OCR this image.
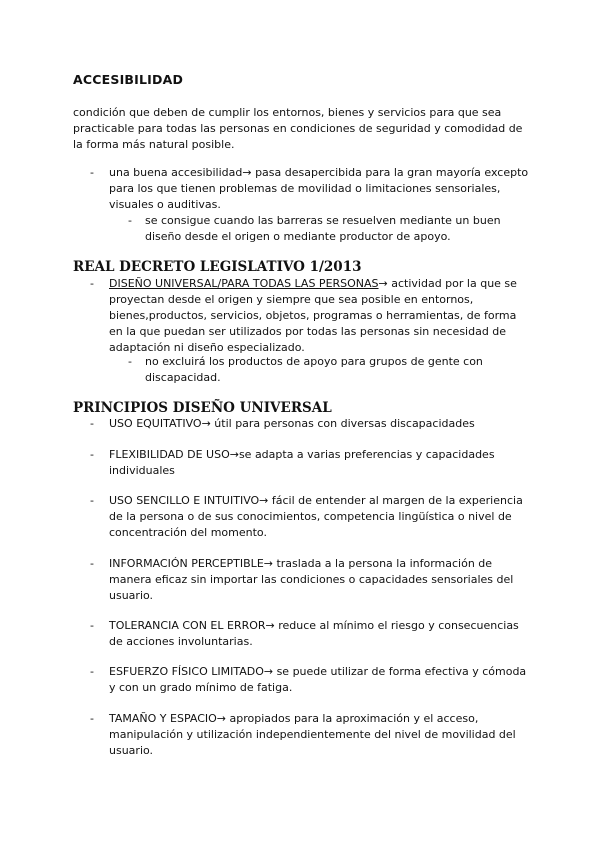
ACCESIBILIDAD
condición que deben de cumplir los entornos, bienes y servicios para que sea practicable para todas las personas en condiciones de seguridad y comodidad de la forma más natural posible.
- una buena accesibilidad→ pasa desapercibida para la gran mayoría excepto para los que tienen problemas de movilidad o limitaciones sensoriales, visuales o auditivas.
- se consigue cuando las barreras se resuelven mediante un buen diseño desde el origen o mediante productor de apoyo.
REAL DECRETO LEGISLATIVO 1/2013
- DISEÑO UNIVERSAL/PARA TODAS LAS PERSONAS→ actividad por la que se proyectan desde el origen y siempre que sea posible en entornos, bienes,productos, servicios, objetos, programas o herramientas, de forma en la que puedan ser utilizados por todas las personas sin necesidad de adaptación ni diseño especializado.
- no excluirá los productos de apoyo para grupos de gente con discapacidad.
PRINCIPIOS DISEÑO UNIVERSAL
- USO EQUITATIVO→ útil para personas con diversas discapacidades
- FLEXIBILIDAD DE USO→se adapta a varias preferencias y capacidades individuales
- USO SENCILLO E INTUITIVO→ fácil de entender al margen de la experiencia de la persona o de sus conocimientos, competencia lingüística o nivel de concentración del momento.
- INFORMACIÓN PERCEPTIBLE→ traslada a la persona la información de manera eficaz sin importar las condiciones o capacidades sensoriales del usuario.
- TOLERANCIA CON EL ERROR→ reduce al mínimo el riesgo y consecuencias de acciones involuntarias.
- ESFUERZO FÍSICO LIMITADO→ se puede utilizar de forma efectiva y cómoda y con un grado mínimo de fatiga.
- TAMAÑO Y ESPACIO→ apropiados para la aproximación y el acceso, manipulación y utilización independientemente del nivel de movilidad del usuario.
